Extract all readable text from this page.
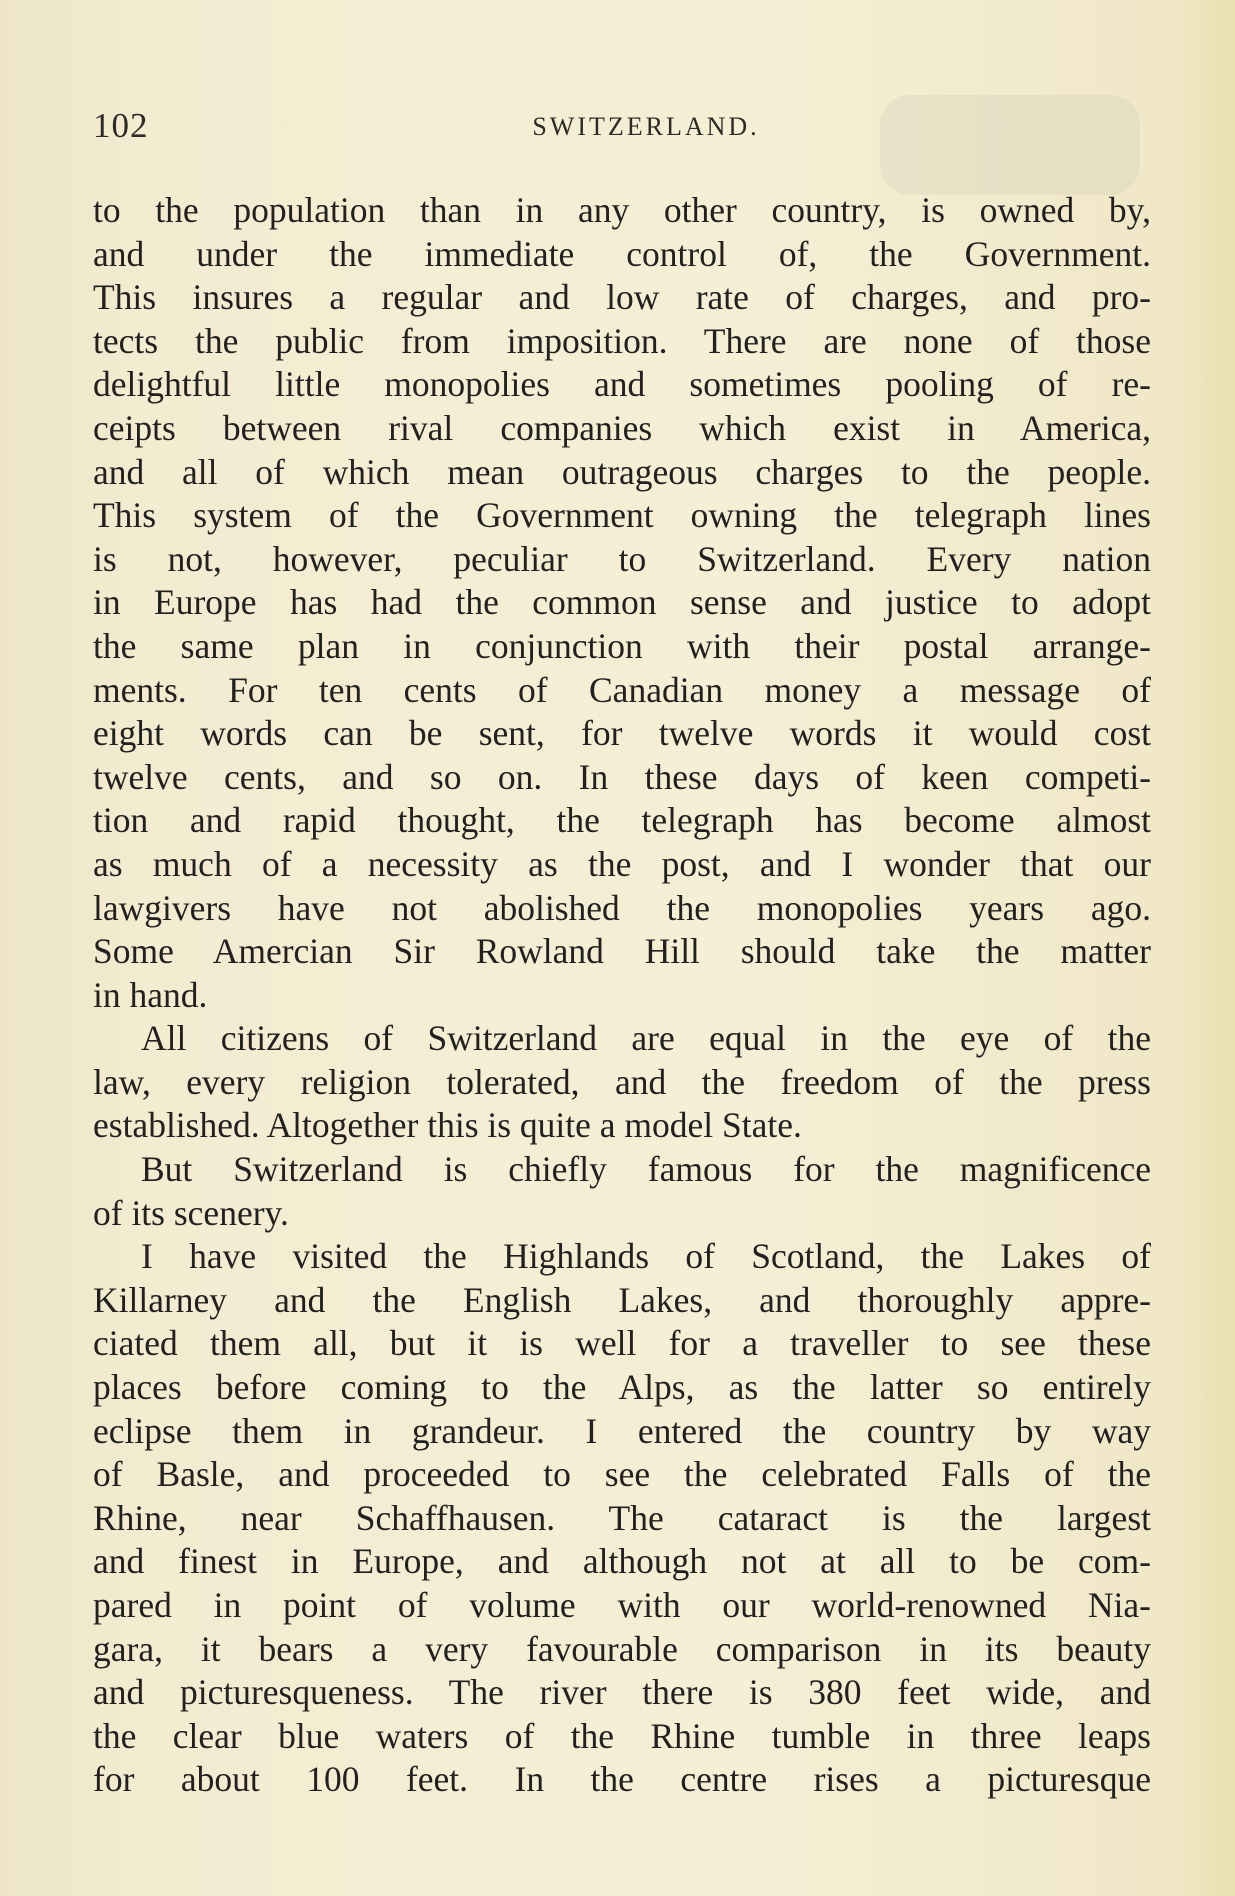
102	SWITZERLAND.
to the population than in any other country, is owned by,
and under the immediate control of, the Government.
This insures a regular and low rate of charges, and pro-
tects the public from imposition. There are none of those
delightful little monopolies and sometimes pooling of re-
ceipts between rival companies which exist in America,
and all of which mean outrageous charges to the people.
This system of the Government owning the telegraph lines
is not, however, peculiar to Switzerland. Every nation
in Europe has had the common sense and justice to adopt
the same plan in conjunction with their postal arrange-
ments. For ten cents of Canadian money a message of
eight words can be sent, for twelve words it would cost
twelve cents, and so on. In these days of keen competi-
tion and rapid thought, the telegraph has become almost
as much of a necessity as the post, and I wonder that our
lawgivers have not abolished the monopolies years ago.
Some Amercian Sir Rowland Hill should take the matter
in hand.
All citizens of Switzerland are equal in the eye of the
law, every religion tolerated, and the freedom of the press
established. Altogether this is quite a model State.
But Switzerland is chiefly famous for the magnificence
of its scenery.
I have visited the Highlands of Scotland, the Lakes of
Killarney and the English Lakes, and thoroughly appre-
ciated them all, but it is well for a traveller to see these
places before coming to the Alps, as the latter so entirely
eclipse them in grandeur. I entered the country by way
of Basle, and proceeded to see the celebrated Falls of the
Rhine, near Schaffhausen. The cataract is the largest
and finest in Europe, and although not at all to be com-
pared in point of volume with our world-renowned Nia-
gara, it bears a very favourable comparison in its beauty
and picturesqueness. The river there is 380 feet wide, and
the clear blue waters of the Rhine tumble in three leaps
for about 100 feet. In the centre rises a picturesque
